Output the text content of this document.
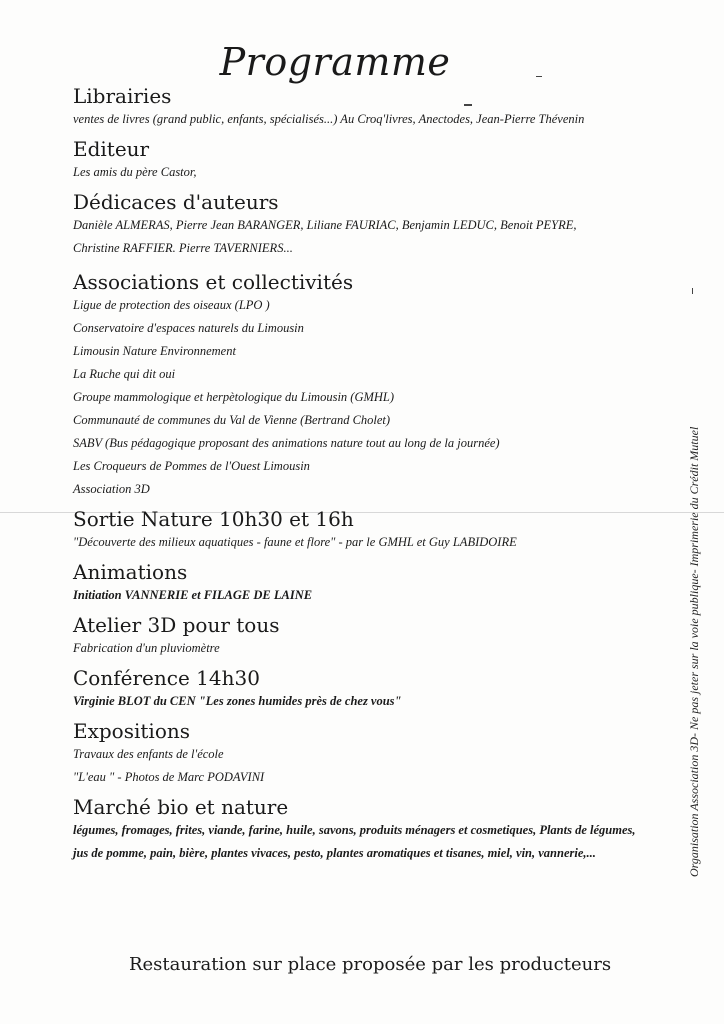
Programme
Librairies

ventes de livres (grand public, enfants, spécialisés...) Au Croq'livres, Anectodes, Jean-Pierre Thévenin

Editeur

Les amis du père Castor,

Dédicaces d'auteurs

Danièle ALMERAS, Pierre Jean BARANGER, Liliane FAURIAC, Benjamin LEDUC, Benoit PEYRE,

Christine RAFFIER. Pierre TAVERNIERS...

Associations et collectivités

Ligue de protection des oiseaux (LPO )

Conservatoire d'espaces naturels du Limousin

Limousin Nature Environnement

La Ruche qui dit oui

Groupe mammologique et herpètologique du Limousin (GMHL)

Communauté de communes du Val de Vienne (Bertrand Cholet)

SABV (Bus pédagogique proposant des animations nature tout au long de la journée)

Les Croqueurs de Pommes de l'Ouest Limousin

Association 3D

Sortie Nature 10h30 et 16h

"Découverte des milieux aquatiques - faune et flore" - par le GMHL et Guy LABIDOIRE

Animations

Initiation VANNERIE et FILAGE DE LAINE

Atelier 3D pour tous

Fabrication d'un pluviomètre

Conférence 14h30

Virginie BLOT du CEN "Les zones humides près de chez vous"

Expositions

Travaux des enfants de l'école

"L'eau " - Photos de Marc PODAVINI

Marché bio et nature

légumes, fromages, frites, viande, farine, huile, savons, produits ménagers et cosmetiques, Plants de légumes,

jus de pomme, pain, bière, plantes vivaces, pesto, plantes aromatiques et tisanes, miel, vin, vannerie,...

Restauration sur place proposée par les producteurs
Organisation Association 3D- Ne pas jeter sur la voie publique- Imprimerie du Crédit Mutuel
